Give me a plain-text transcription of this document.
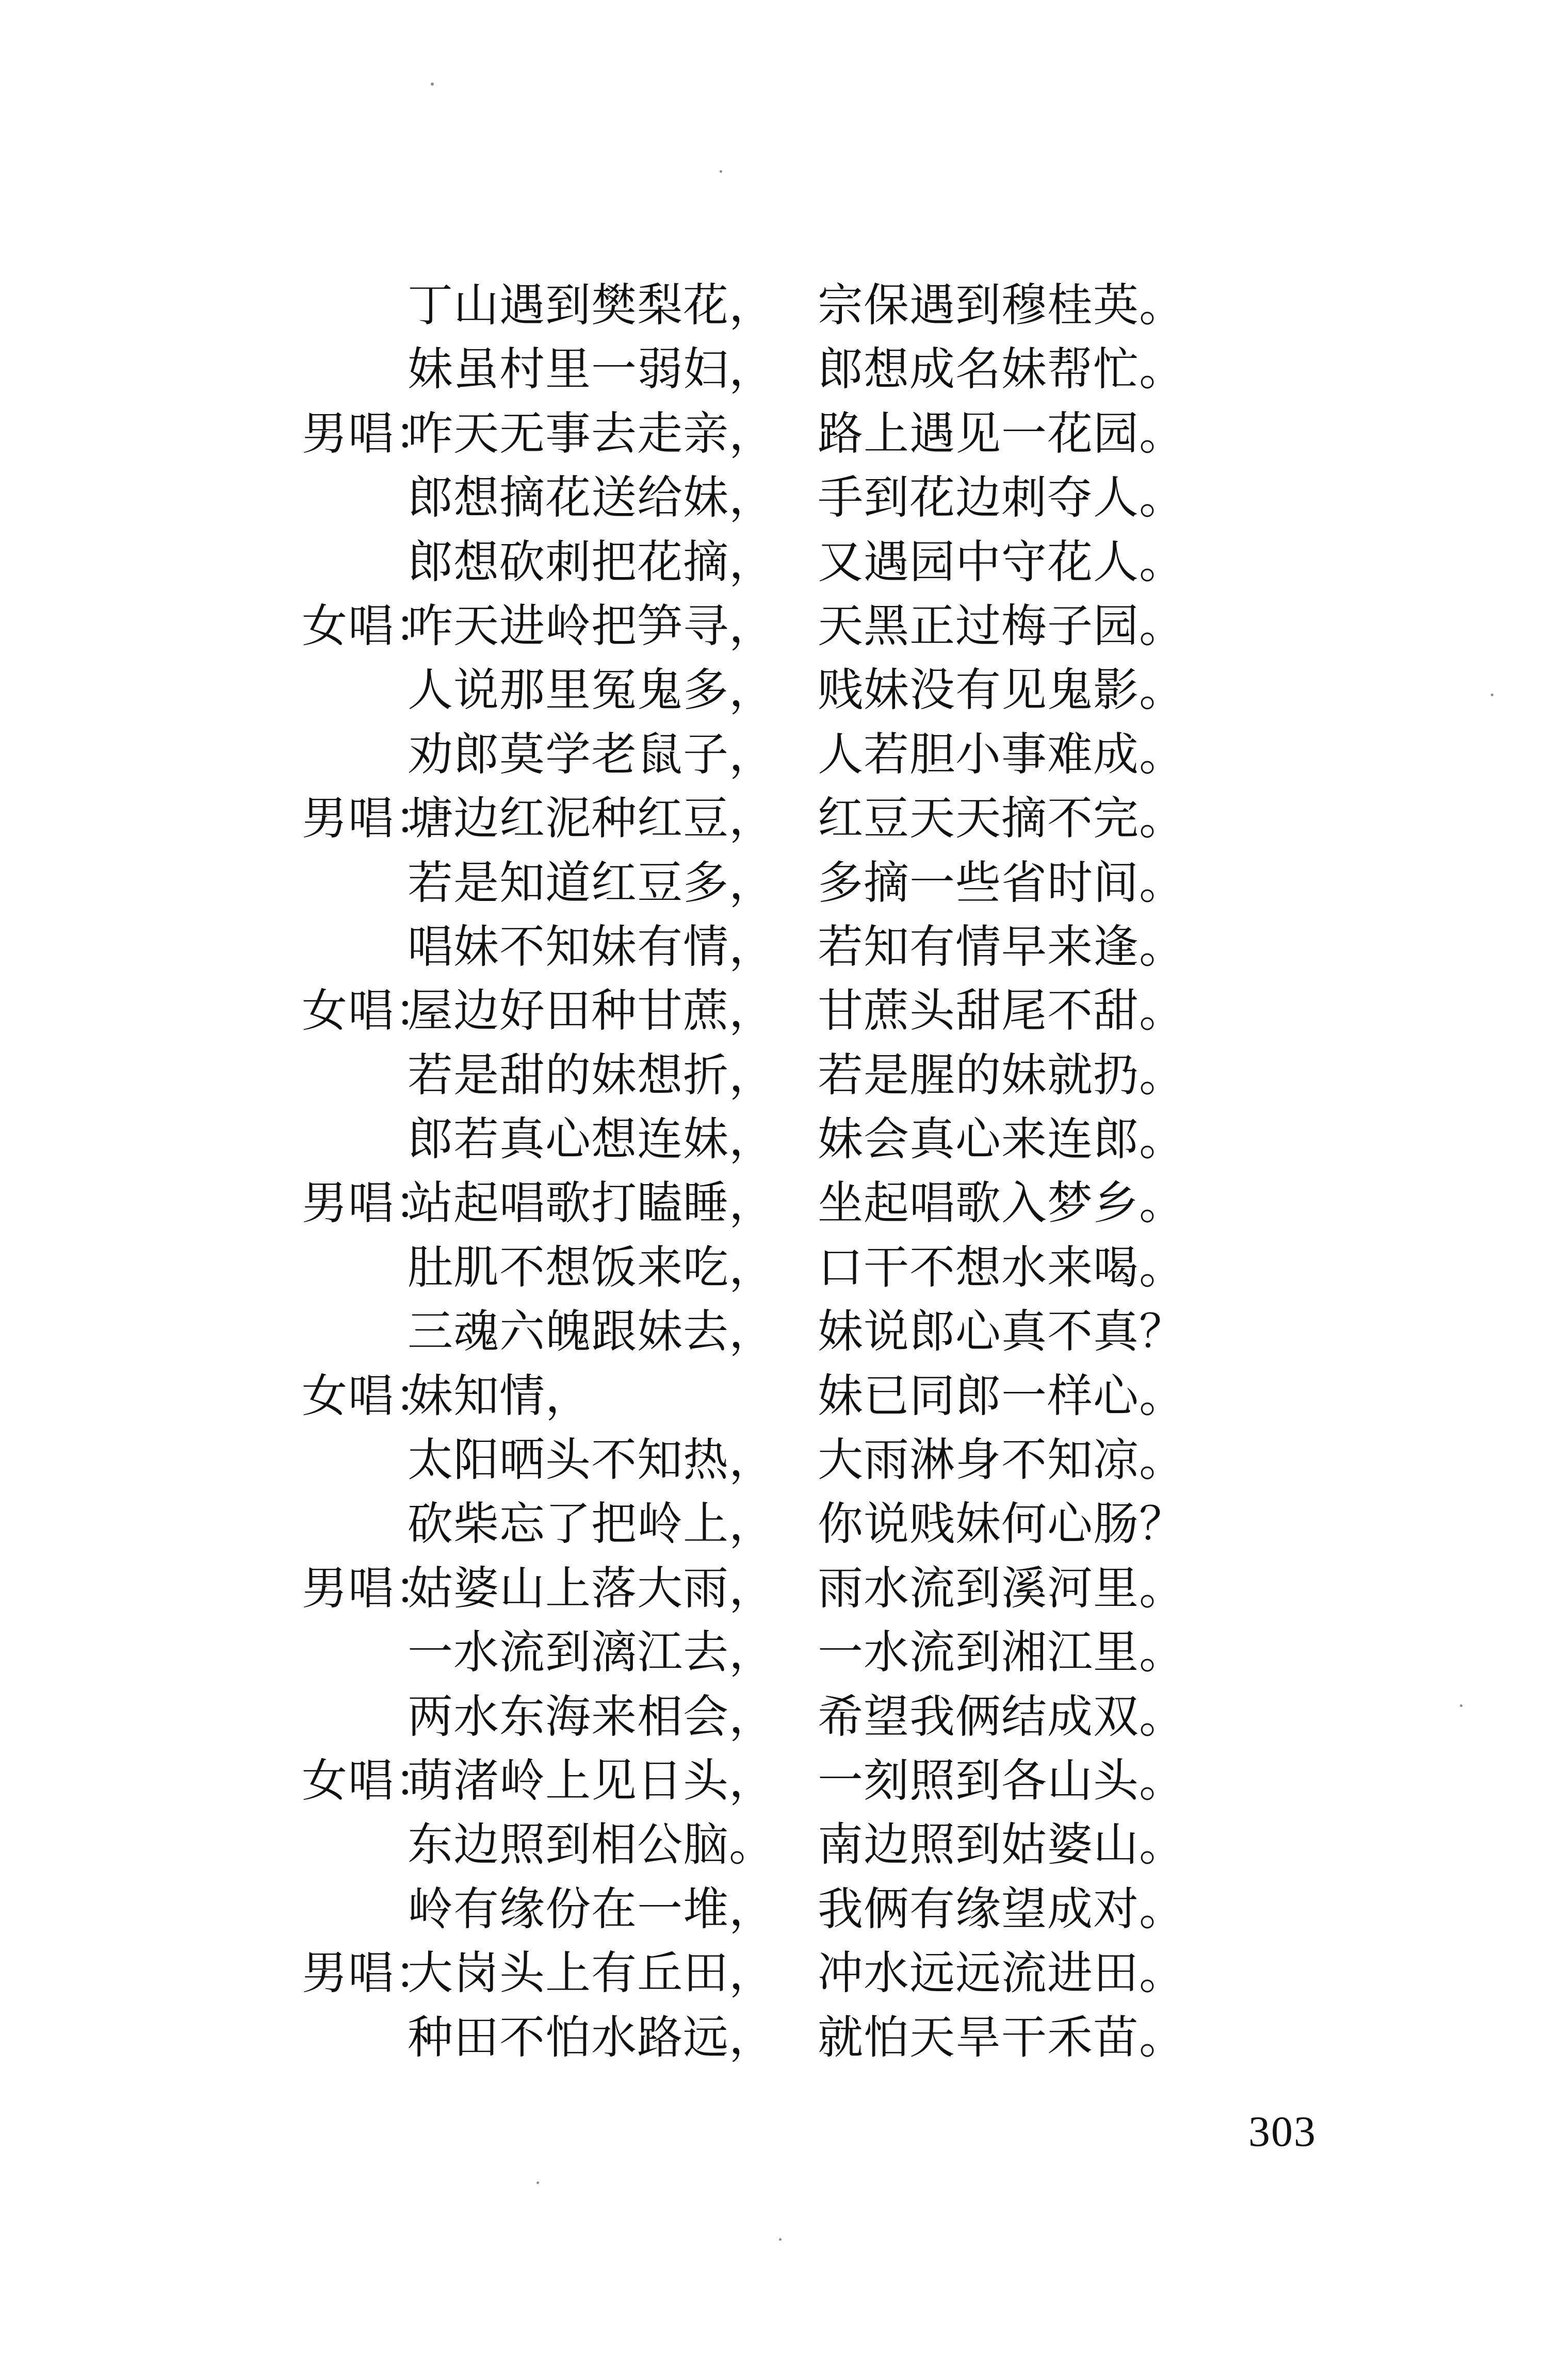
丁山遇到樊梨花， 宗保遇到穆桂英。
妹虽村里一弱妇， 郎想成名妹帮忙。
男唱：
咋天无事去走亲， 路上遇见一花园。
郎想摘花送给妹， 手到花边刺夺人。
郎想砍刺把花摘， 又遇园中守花人。
女唱：
咋天进岭把笋寻， 天黑正过梅子园。
人说那里冤鬼多， 贱妹没有见鬼影。
劝郎莫学老鼠子， 人若胆小事难成。
男唱：
塘边红泥种红豆， 红豆天天摘不完。
若是知道红豆多， 多摘一些省时间。
唱妹不知妹有情， 若知有情早来逢。
女唱：
屋边好田种甘蔗， 甘蔗头甜尾不甜。
若是甜的妹想折， 若是腥的妹就扔。
郎若真心想连妹， 妹会真心来连郎。
男唱：
站起唱歌打瞌睡， 坐起唱歌入梦乡。
肚肌不想饭来吃， 口干不想水来喝。
三魂六魄跟妹去， 妹说郎心真不真？
女唱：
妹知情，	妹已同郎一样心。
太阳晒头不知热， 大雨淋身不知凉。
砍柴忘了把岭上， 你说贱妹何心肠？
男唱：
姑婆山上落大雨， 雨水流到溪河里。
一水流到漓江去， 一水流到湘江里。
两水东海来相会， 希望我俩结成双。
女唱：
萌渚岭上见日头， 一刻照到各山头。
东边照到相公脑。 南边照到姑婆山。
岭有缘份在一堆， 我俩有缘望成对。
男唱：
大岗头上有丘田， 冲水远远流进田。
种田不怕水路远， 就怕天旱干禾苗。
303
